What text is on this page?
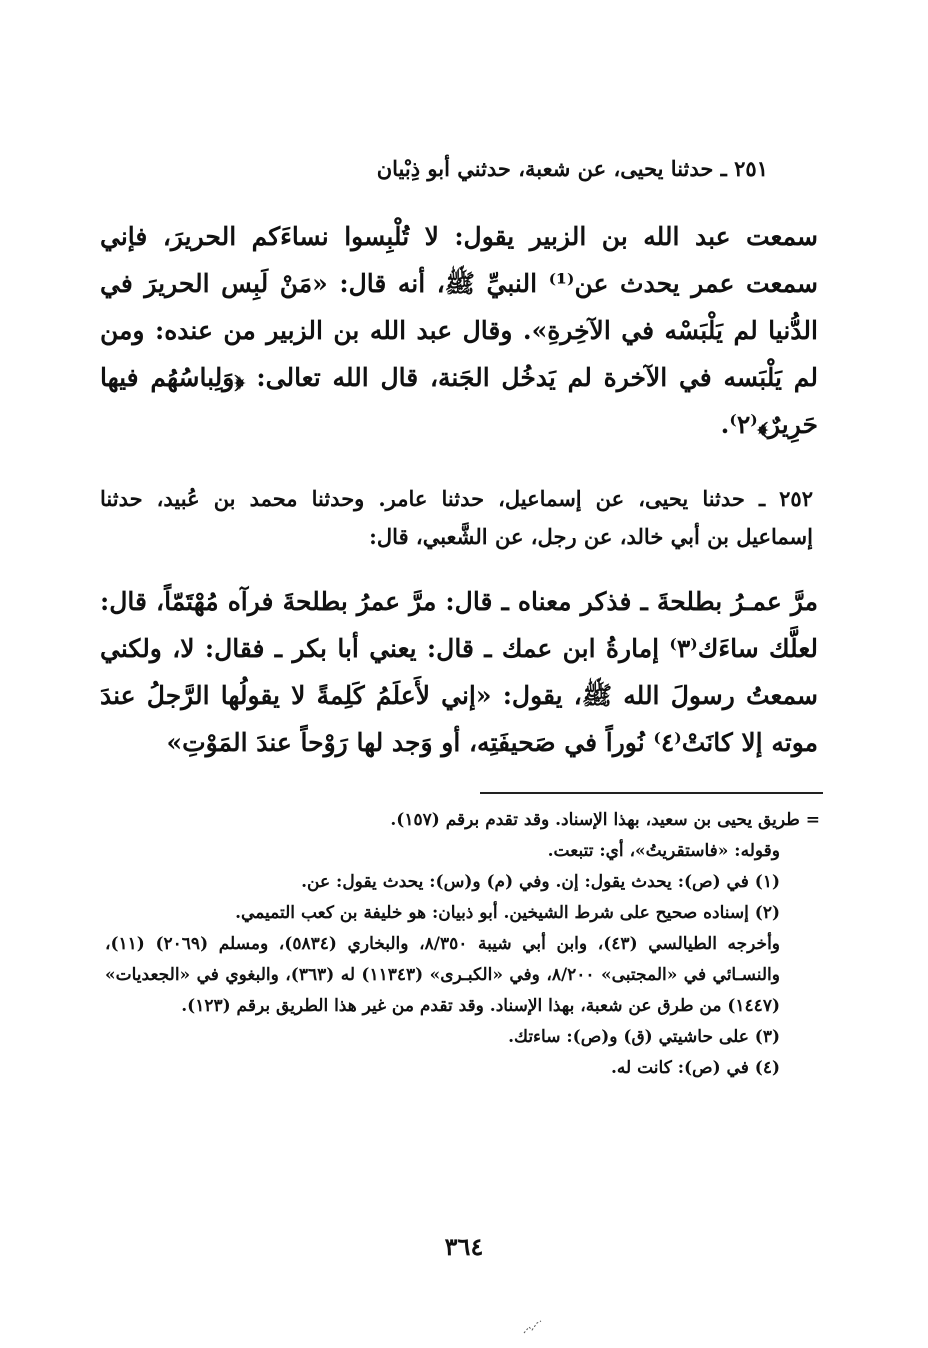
٢٥١ ـ حدثنا يحيى، عن شعبة، حدثني أبو ذِبْيان
سمعت عبد الله بن الزبير يقول: لا تُلْبِسوا نساءَكم الحريرَ، فإني سمعت عمر يحدث عن⁽¹⁾ النبيِّ ﷺ، أنه قال: «مَنْ لَبِس الحريرَ في الدُّنيا لم يَلْبَسْه في الآخِرةِ». وقال عبد الله بن الزبير من عنده: ومن لم يَلْبَسه في الآخرة لم يَدخُل الجَنة، قال الله تعالى: ﴿وَلِباسُهُم فيها حَرِيرٌ﴾⁽٢⁾.
٢٥٢ ـ حدثنا يحيى، عن إسماعيل، حدثنا عامر. وحدثنا محمد بن عُبيد، حدثنا إسماعيل بن أبي خالد، عن رجل، عن الشَّعبي، قال:
مرَّ عمـرُ بطلحةَ ـ فذكر معناه ـ قال: مرَّ عمرُ بطلحةَ فرآه مُهْتَمّاً، قال: لعلَّك ساءَك⁽٣⁾ إمارةُ ابن عمك ـ قال: يعني أبا بكر ـ فقال: لا، ولكني سمعتُ رسولَ الله ﷺ، يقول: «إني لأَعلَمُ كَلِمةً لا يقولُها الرَّجلُ عندَ موته إلا كانَتْ⁽٤⁾ نُوراً في صَحيفَتِه، أو وَجد لها رَوْحاً عندَ المَوْتِ»
= طريق يحيى بن سعيد، بهذا الإسناد. وقد تقدم برقم (١٥٧).
وقوله: «فاستقريتُ»، أي: تتبعت.
(١) في (ص): يحدث يقول: إن. وفي (م) و(س): يحدث يقول: عن.
(٢) إسناده صحيح على شرط الشيخين. أبو ذبيان: هو خليفة بن كعب التميمي.
وأخرجه الطيالسي (٤٣)، وابن أبي شيبة ٨/٣٥٠، والبخاري (٥٨٣٤)، ومسلم (٢٠٦٩) (١١)، والنسـائي في «المجتبى» ٨/٢٠٠، وفي «الكبـرى» (١١٣٤٣) له (٣٦٣)، والبغوي في «الجعديات» (١٤٤٧) من طرق عن شعبة، بهذا الإسناد. وقد تقدم من غير هذا الطريق برقم (١٢٣).
(٣) على حاشيتي (ق) و(ص): ساءتك.
(٤) في (ص): كانت له.
٣٦٤
